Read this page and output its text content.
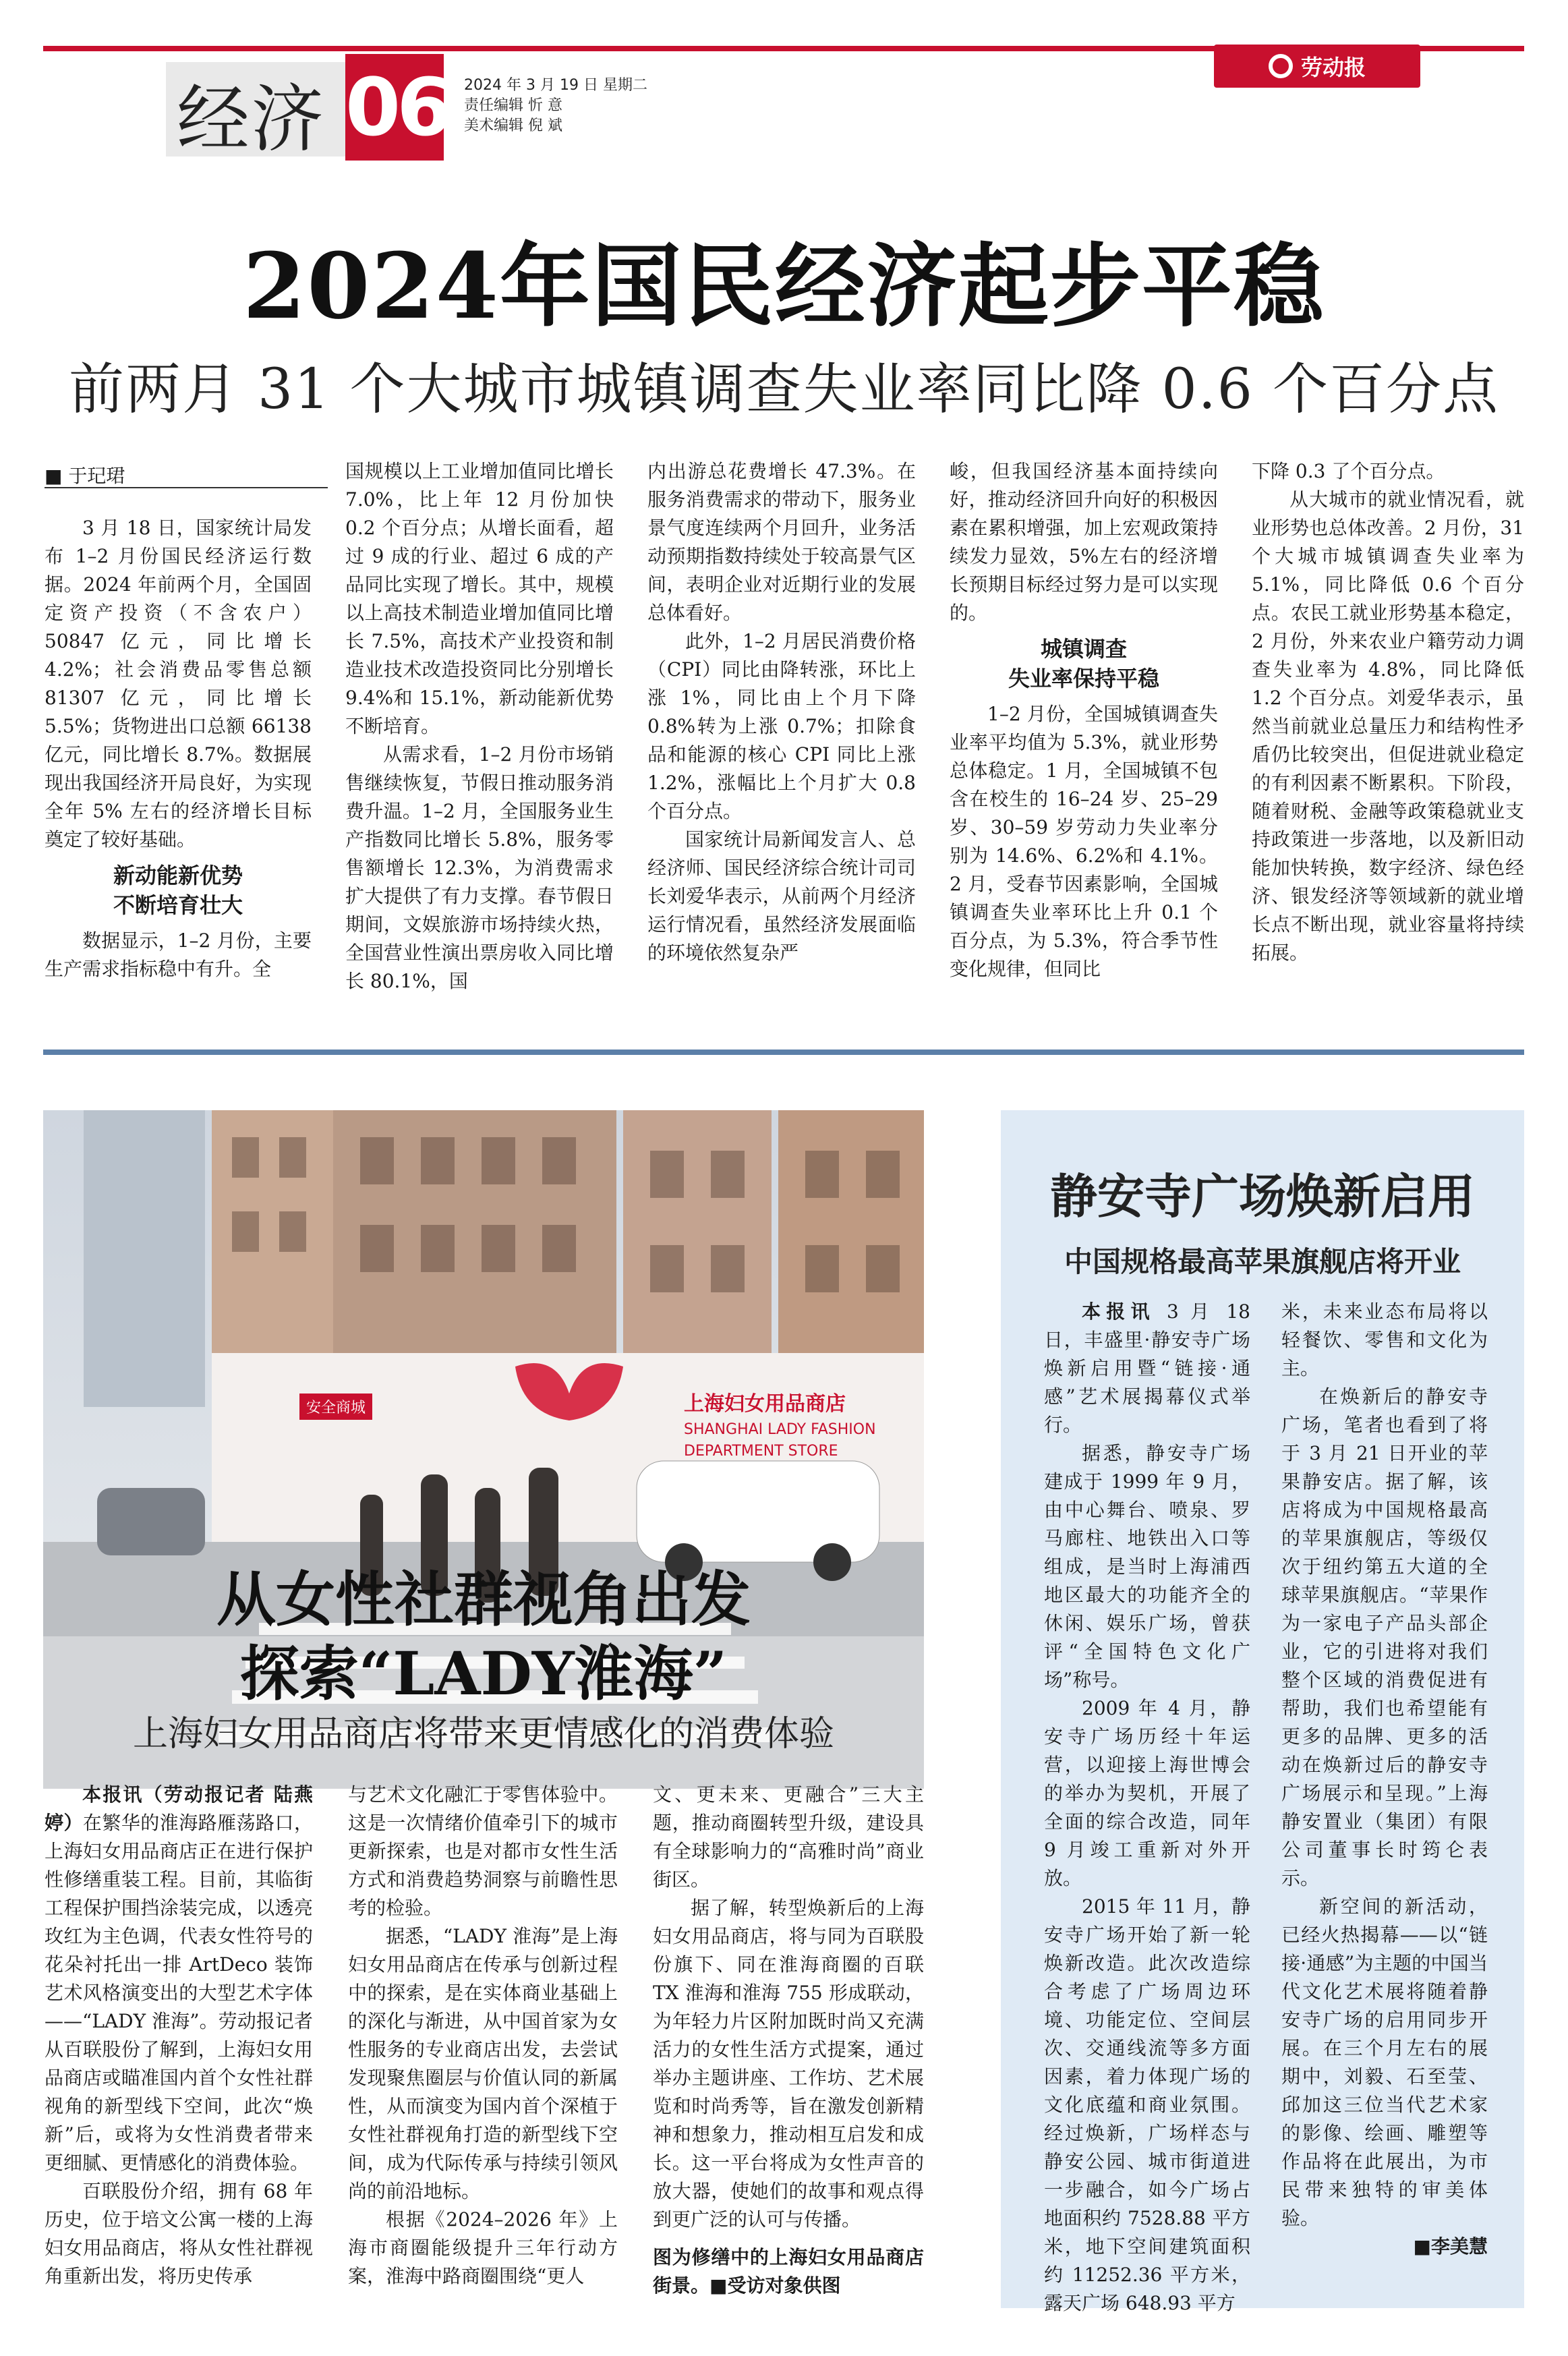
经济 06 2024 年 3 月 19 日 星期二
责任编辑 忻 意
美术编辑 倪 斌
劳动报
2024年国民经济起步平稳
前两月 31 个大城市城镇调查失业率同比降 0.6 个百分点
■ 于玘珺

3 月 18 日，国家统计局发布 1–2 月份国民经济运行数据。2024 年前两个月，全国固定资产投资（不含农户）50847 亿元，同比增长 4.2%；社会消费品零售总额 81307 亿元，同比增长 5.5%；货物进出口总额 66138 亿元，同比增长 8.7%。数据展现出我国经济开局良好，为实现全年 5% 左右的经济增长目标奠定了较好基础。

新动能新优势
不断培育壮大

数据显示，1–2 月份，主要生产需求指标稳中有升。全

国规模以上工业增加值同比增长 7.0%，比上年 12 月份加快 0.2 个百分点；从增长面看，超过 9 成的行业、超过 6 成的产品同比实现了增长。其中，规模以上高技术制造业增加值同比增长 7.5%，高技术产业投资和制造业技术改造投资同比分别增长 9.4%和 15.1%，新动能新优势不断培育。

从需求看，1–2 月份市场销售继续恢复，节假日推动服务消费升温。1–2 月，全国服务业生产指数同比增长 5.8%，服务零售额增长 12.3%，为消费需求扩大提供了有力支撑。春节假日期间，文娱旅游市场持续火热，全国营业性演出票房收入同比增长 80.1%，国

内出游总花费增长 47.3%。在服务消费需求的带动下，服务业景气度连续两个月回升，业务活动预期指数持续处于较高景气区间，表明企业对近期行业的发展总体看好。

此外，1–2 月居民消费价格（CPI）同比由降转涨，环比上涨 1%，同比由上个月下降 0.8%转为上涨 0.7%；扣除食品和能源的核心 CPI 同比上涨 1.2%，涨幅比上个月扩大 0.8 个百分点。

国家统计局新闻发言人、总经济师、国民经济综合统计司司长刘爱华表示，从前两个月经济运行情况看，虽然经济发展面临的环境依然复杂严

峻，但我国经济基本面持续向好，推动经济回升向好的积极因素在累积增强，加上宏观政策持续发力显效，5%左右的经济增长预期目标经过努力是可以实现的。

城镇调查
失业率保持平稳

1–2 月份，全国城镇调查失业率平均值为 5.3%，就业形势总体稳定。1 月，全国城镇不包含在校生的 16–24 岁、25–29 岁、30–59 岁劳动力失业率分别为 14.6%、6.2%和 4.1%。2 月，受春节因素影响，全国城镇调查失业率环比上升 0.1 个百分点，为 5.3%，符合季节性变化规律，但同比

下降 0.3 了个百分点。

从大城市的就业情况看，就业形势也总体改善。2 月份，31 个大城市城镇调查失业率为 5.1%，同比降低 0.6 个百分点。农民工就业形势基本稳定，2 月份，外来农业户籍劳动力调查失业率为 4.8%，同比降低 1.2 个百分点。刘爱华表示，虽然当前就业总量压力和结构性矛盾仍比较突出，但促进就业稳定的有利因素不断累积。下阶段，随着财税、金融等政策稳就业支持政策进一步落地，以及新旧动能加快转换，数字经济、绿色经济、银发经济等领域新的就业增长点不断出现，就业容量将持续拓展。

上海妇女用品商店
SHANGHAI LADY FASHION DEPARTMENT STORE
安全商城
从女性社群视角出发
探索“LADY淮海”
上海妇女用品商店将带来更情感化的消费体验

本报讯（劳动报记者 陆燕婷）在繁华的淮海路雁荡路口，上海妇女用品商店正在进行保护性修缮重装工程。目前，其临街工程保护围挡涂装完成，以透亮玫红为主色调，代表女性符号的花朵衬托出一排 ArtDeco 装饰艺术风格演变出的大型艺术字体——“LADY 淮海”。劳动报记者从百联股份了解到，上海妇女用品商店或瞄准国内首个女性社群视角的新型线下空间，此次“焕新”后，或将为女性消费者带来更细腻、更情感化的消费体验。

百联股份介绍，拥有 68 年历史，位于培文公寓一楼的上海妇女用品商店，将从女性社群视角重新出发，将历史传承

与艺术文化融汇于零售体验中。这是一次情绪价值牵引下的城市更新探索，也是对都市女性生活方式和消费趋势洞察与前瞻性思考的检验。

据悉，“LADY 淮海”是上海妇女用品商店在传承与创新过程中的探索，是在实体商业基础上的深化与渐进，从中国首家为女性服务的专业商店出发，去尝试发现聚焦圈层与价值认同的新属性，从而演变为国内首个深植于女性社群视角打造的新型线下空间，成为代际传承与持续引领风尚的前沿地标。

根据《2024–2026 年》上海市商圈能级提升三年行动方案，淮海中路商圈围绕“更人

文、更未来、更融合”三大主题，推动商圈转型升级，建设具有全球影响力的“高雅时尚”商业街区。

据了解，转型焕新后的上海妇女用品商店，将与同为百联股份旗下、同在淮海商圈的百联 TX 淮海和淮海 755 形成联动，为年轻力片区附加既时尚又充满活力的女性生活方式提案，通过举办主题讲座、工作坊、艺术展览和时尚秀等，旨在激发创新精神和想象力，推动相互启发和成长。这一平台将成为女性声音的放大器，使她们的故事和观点得到更广泛的认可与传播。

图为修缮中的上海妇女用品商店街景。■受访对象供图
静安寺广场焕新启用
中国规格最高苹果旗舰店将开业

本报讯 3 月 18 日，丰盛里·静安寺广场焕新启用暨“链接·通感”艺术展揭幕仪式举行。

据悉，静安寺广场建成于 1999 年 9 月，由中心舞台、喷泉、罗马廊柱、地铁出入口等组成，是当时上海浦西地区最大的功能齐全的休闲、娱乐广场，曾获评“全国特色文化广场”称号。

2009 年 4 月，静安寺广场历经十年运营，以迎接上海世博会的举办为契机，开展了全面的综合改造，同年 9 月竣工重新对外开放。

2015 年 11 月，静安寺广场开始了新一轮焕新改造。此次改造综合考虑了广场周边环境、功能定位、空间层次、交通线流等多方面因素，着力体现广场的文化底蕴和商业氛围。经过焕新，广场样态与静安公园、城市街道进一步融合，如今广场占地面积约 7528.88 平方米，地下空间建筑面积约 11252.36 平方米，露天广场 648.93 平方

米，未来业态布局将以轻餐饮、零售和文化为主。

在焕新后的静安寺广场，笔者也看到了将于 3 月 21 日开业的苹果静安店。据了解，该店将成为中国规格最高的苹果旗舰店，等级仅次于纽约第五大道的全球苹果旗舰店。“苹果作为一家电子产品头部企业，它的引进将对我们整个区域的消费促进有帮助，我们也希望能有更多的品牌、更多的活动在焕新过后的静安寺广场展示和呈现。”上海静安置业（集团）有限公司董事长时筠仑表示。

新空间的新活动，已经火热揭幕——以“链接·通感”为主题的中国当代文化艺术展将随着静安寺广场的启用同步开展。在三个月左右的展期中，刘毅、石至莹、邱加这三位当代艺术家的影像、绘画、雕塑等作品将在此展出，为市民带来独特的审美体验。

■李美慧
